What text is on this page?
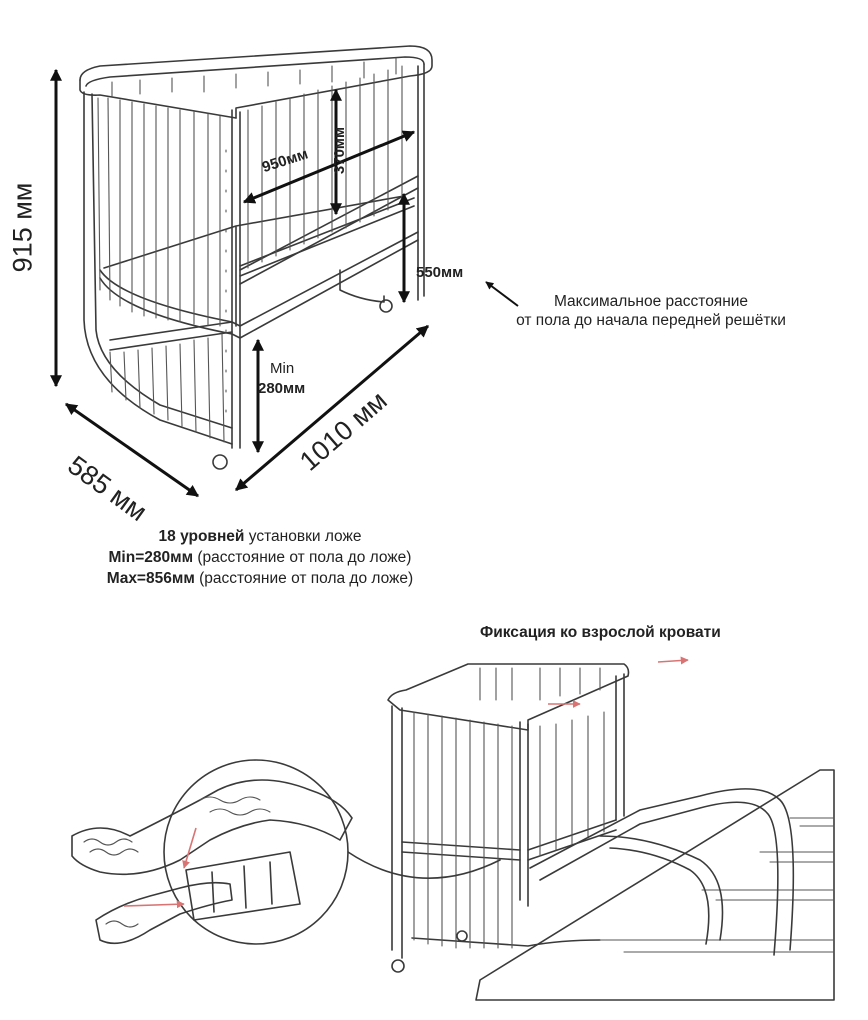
915 мм
585 мм
1010 мм
950мм 370мм
550мм
Min
280мм
Максимальное расстояние
от пола до начала передней решётки
18 уровней установки ложе
Min=280мм (расстояние от пола до ложе)
Max=856мм (расстояние от пола до ложе)
Фиксация ко взрослой кровати
